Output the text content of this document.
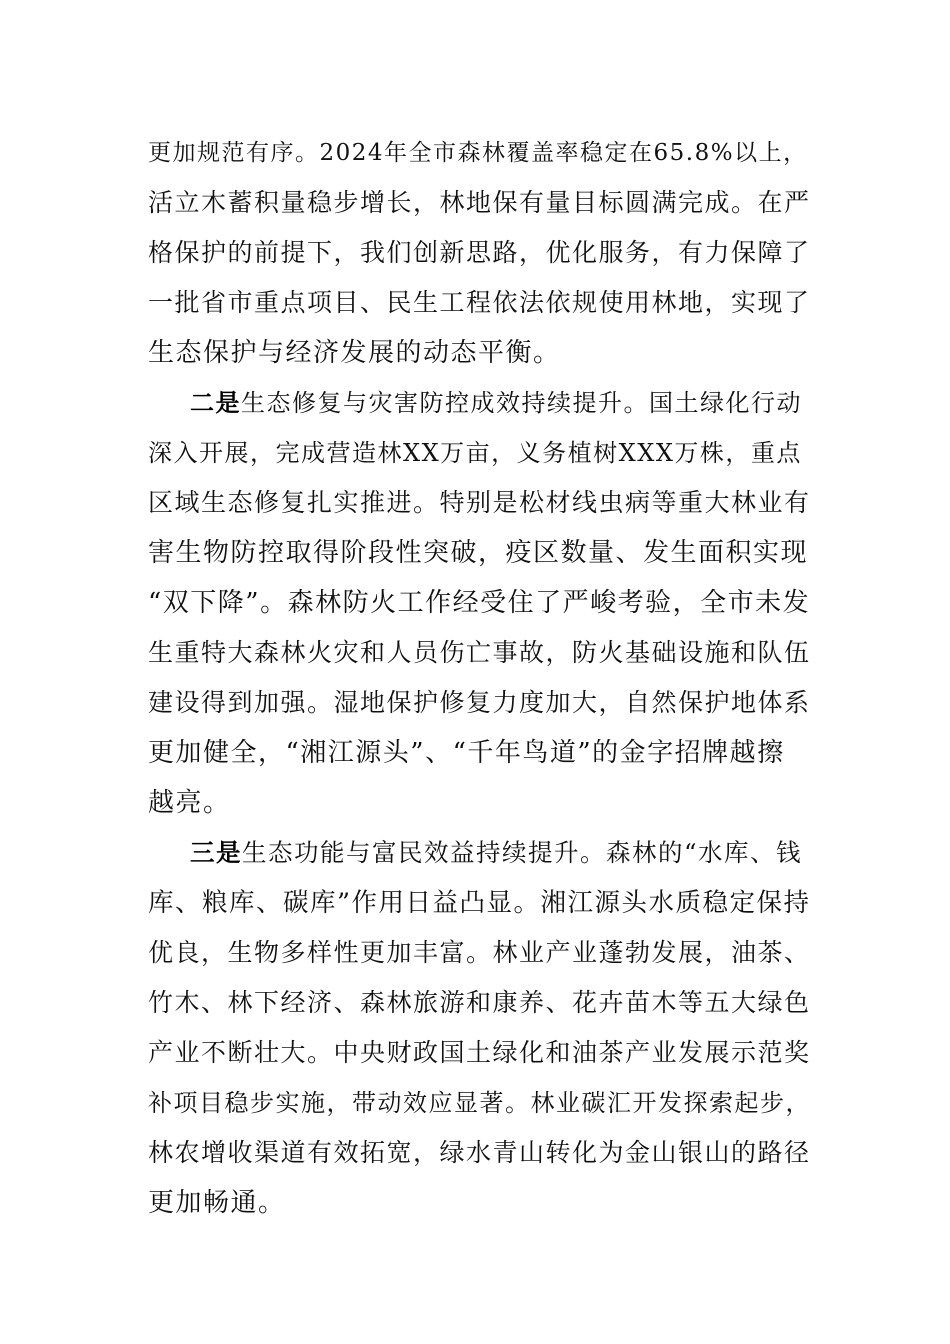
更加规范有序。2024年全市森林覆盖率稳定在65.8%以上，
活立木蓄积量稳步增长，林地保有量目标圆满完成。在严
格保护的前提下，我们创新思路，优化服务，有力保障了
一批省市重点项目、民生工程依法依规使用林地，实现了
生态保护与经济发展的动态平衡。
二是生态修复与灾害防控成效持续提升。国土绿化行动
深入开展，完成营造林XX万亩，义务植树XXX万株，重点
区域生态修复扎实推进。特别是松材线虫病等重大林业有
害生物防控取得阶段性突破，疫区数量、发生面积实现
“双下降”。森林防火工作经受住了严峻考验，全市未发
生重特大森林火灾和人员伤亡事故，防火基础设施和队伍
建设得到加强。湿地保护修复力度加大，自然保护地体系
更加健全，“湘江源头”、“千年鸟道”的金字招牌越擦
越亮。
三是生态功能与富民效益持续提升。森林的“水库、钱
库、粮库、碳库”作用日益凸显。湘江源头水质稳定保持
优良，生物多样性更加丰富。林业产业蓬勃发展，油茶、
竹木、林下经济、森林旅游和康养、花卉苗木等五大绿色
产业不断壮大。中央财政国土绿化和油茶产业发展示范奖
补项目稳步实施，带动效应显著。林业碳汇开发探索起步，
林农增收渠道有效拓宽，绿水青山转化为金山银山的路径
更加畅通。
